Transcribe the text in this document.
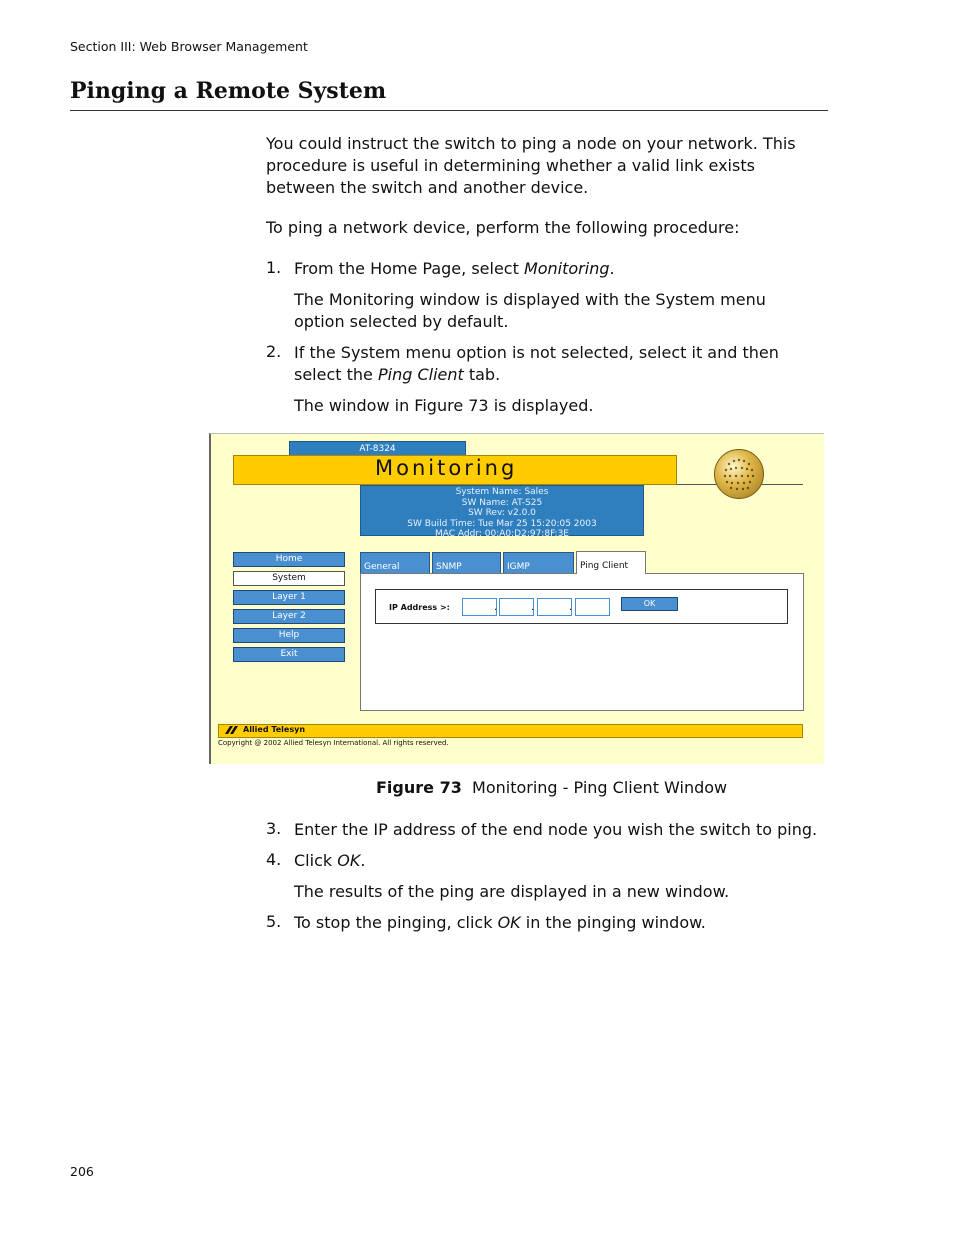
Section III: Web Browser Management
Pinging a Remote System
You could instruct the switch to ping a node on your network. This procedure is useful in determining whether a valid link exists between the switch and another device.
To ping a network device, perform the following procedure:
1. From the Home Page, select Monitoring.
The Monitoring window is displayed with the System menu option selected by default.
2. If the System menu option is not selected, select it and then select the Ping Client tab.
The window in Figure 73 is displayed.
AT-8324
Monitoring
System Name: Sales
SW Name: AT-S25
SW Rev: v2.0.0
SW Build Time: Tue Mar 25 15:20:05 2003
MAC Addr: 00:A0:D2:97:8F:3E
Home
System
Layer 1
Layer 2
Help
Exit
General	SNMP	IGMP	Ping Client
IP Address >:	.	.	.	OK
Allied Telesyn
Copyright @ 2002 Allied Telesyn International. All rights reserved.
Figure 73 Monitoring - Ping Client Window
3. Enter the IP address of the end node you wish the switch to ping.
4. Click OK.
The results of the ping are displayed in a new window.
5. To stop the pinging, click OK in the pinging window.
206
